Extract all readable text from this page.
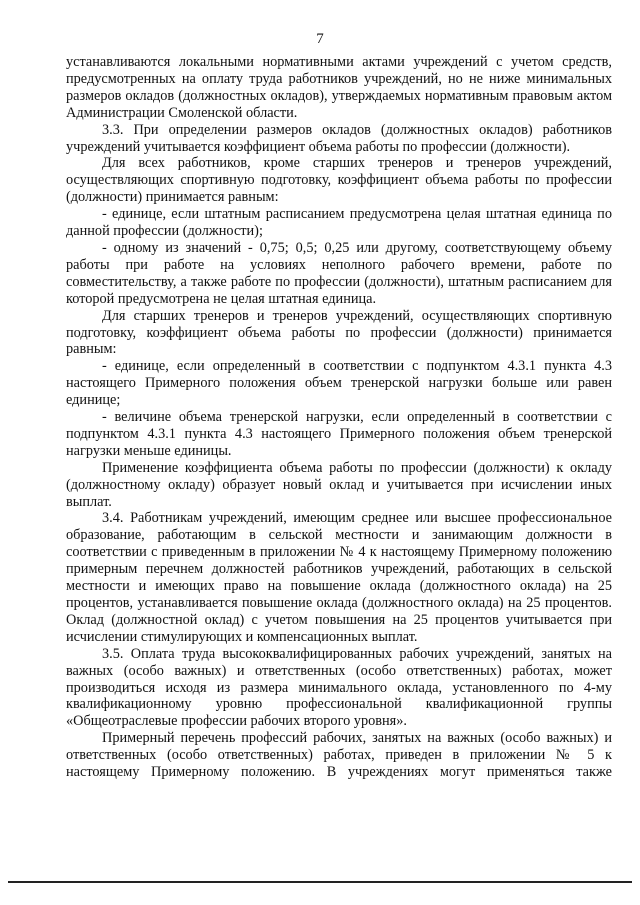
7

устанавливаются локальными нормативными актами учреждений с учетом средств, предусмотренных на оплату труда работников учреждений, но не ниже минимальных размеров окладов (должностных окладов), утверждаемых нормативным правовым актом Администрации Смоленской области.

3.3. При определении размеров окладов (должностных окладов) работников учреждений учитывается коэффициент объема работы по профессии (должности).

Для всех работников, кроме старших тренеров и тренеров учреждений, осуществляющих спортивную подготовку, коэффициент объема работы по профессии (должности) принимается равным:

- единице, если штатным расписанием предусмотрена целая штатная единица по данной профессии (должности);

- одному из значений - 0,75; 0,5; 0,25 или другому, соответствующему объему работы при работе на условиях неполного рабочего времени, работе по совместительству, а также работе по профессии (должности), штатным расписанием для которой предусмотрена не целая штатная единица.

Для старших тренеров и тренеров учреждений, осуществляющих спортивную подготовку, коэффициент объема работы по профессии (должности) принимается равным:

- единице, если определенный в соответствии с подпунктом 4.3.1 пункта 4.3 настоящего Примерного положения объем тренерской нагрузки больше или равен единице;

- величине объема тренерской нагрузки, если определенный в соответствии с подпунктом 4.3.1 пункта 4.3 настоящего Примерного положения объем тренерской нагрузки меньше единицы.

Применение коэффициента объема работы по профессии (должности) к окладу (должностному окладу) образует новый оклад и учитывается при исчислении иных выплат.

3.4. Работникам учреждений, имеющим среднее или высшее профессиональное образование, работающим в сельской местности и занимающим должности в соответствии с приведенным в приложении № 4 к настоящему Примерному положению примерным перечнем должностей работников учреждений, работающих в сельской местности и имеющих право на повышение оклада (должностного оклада) на 25 процентов, устанавливается повышение оклада (должностного оклада) на 25 процентов. Оклад (должностной оклад) с учетом повышения на 25 процентов учитывается при исчислении стимулирующих и компенсационных выплат.

3.5. Оплата труда высококвалифицированных рабочих учреждений, занятых на важных (особо важных) и ответственных (особо ответственных) работах, может производиться исходя из размера минимального оклада, установленного по 4-му квалификационному уровню профессиональной квалификационной группы «Общеотраслевые профессии рабочих второго уровня».

Примерный перечень профессий рабочих, занятых на важных (особо важных) и ответственных (особо ответственных) работах, приведен в приложении № 5 к настоящему Примерному положению. В учреждениях могут применяться также
